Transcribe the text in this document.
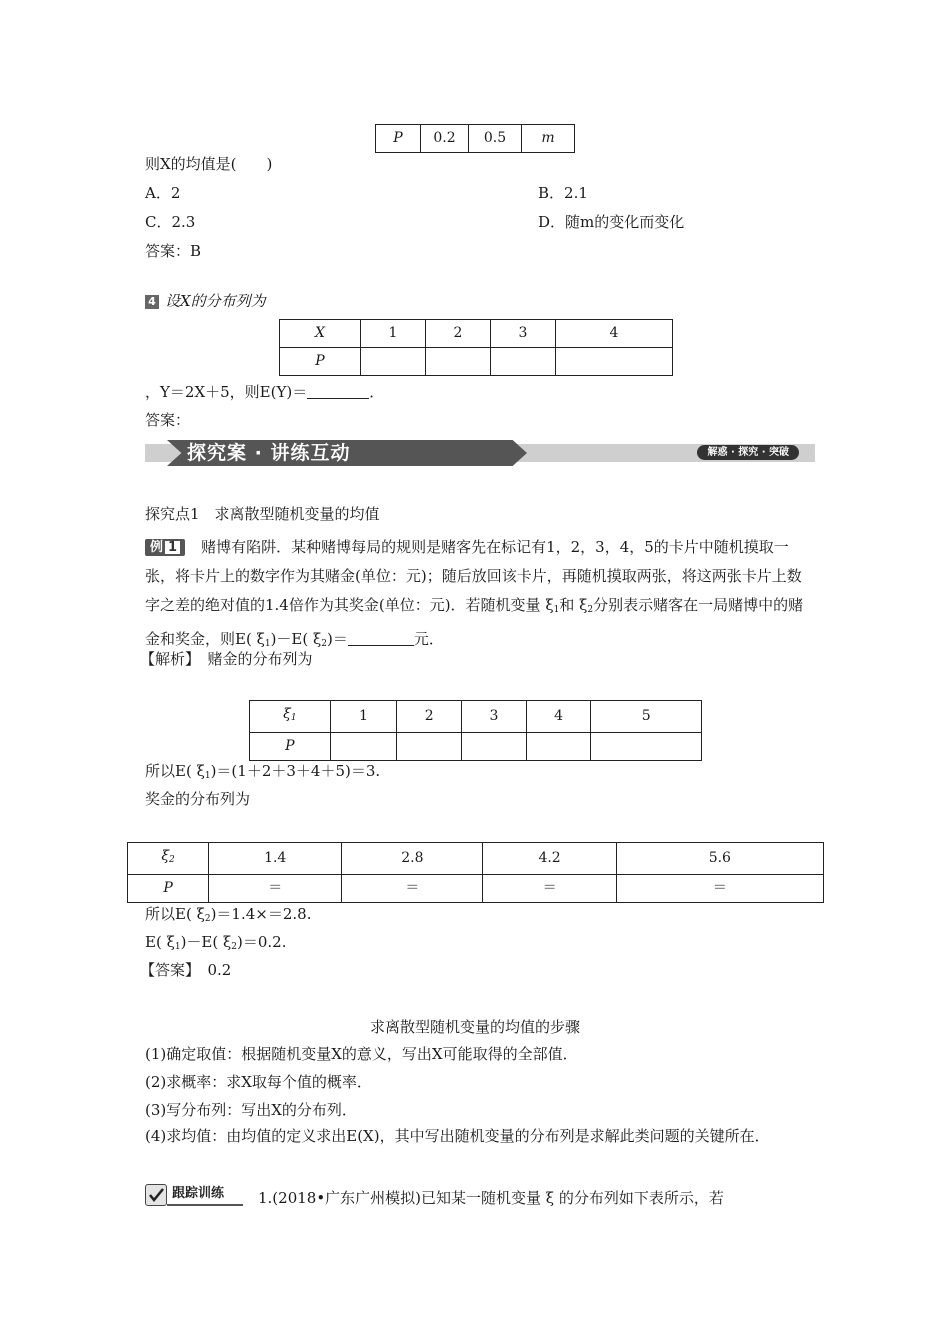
P	0.2	0.5	m
则X的均值是(　　)
A．2	B．2.1
C．2.3	D．随m的变化而变化
答案：B
4 设X的分布列为
X	1	2	3	4
P				
，Y＝2X＋5，则E(Y)＝	．
答案：
探究案 · 讲练互动	解惑 · 探究 · 突破
探究点1　求离散型随机变量的均值
例 1 赌博有陷阱．某种赌博每局的规则是赌客先在标记有1，2，3，4，5的卡片中随机摸取一张，将卡片上的数字作为其赌金(单位：元)；随后放回该卡片，再随机摸取两张，将这两张卡片上数字之差的绝对值的1.4倍作为其奖金(单位：元)．若随机变量 $\xi_1$和 $\xi_2$分别表示赌客在一局赌博中的赌金和奖金，则E( $\xi_1)-E$( $\xi_2)=$	元．
【解析】　赌金的分布列为
$\xi_1$	1	2	3	4	5
P					
所以E( $\xi_1)=(1+2+3+4+5)=3$.
奖金的分布列为
$\xi_2$	1.4	2.8	4.2	5.6
P	＝	＝	＝	＝
所以E( $\xi_2)=1.4\times=2.8$.
E( $\xi_1)-E$( $\xi_2)=0.2$.
【答案】　0.2
求离散型随机变量的均值的步骤
(1)确定取值：根据随机变量X的意义，写出X可能取得的全部值．
(2)求概率：求X取每个值的概率．
(3)写分布列：写出X的分布列．
(4)求均值：由均值的定义求出E(X)，其中写出随机变量的分布列是求解此类问题的关键所在．
跟踪训练 1.(2018•广东广州模拟)已知某一随机变量 ξ 的分布列如下表所示，若
